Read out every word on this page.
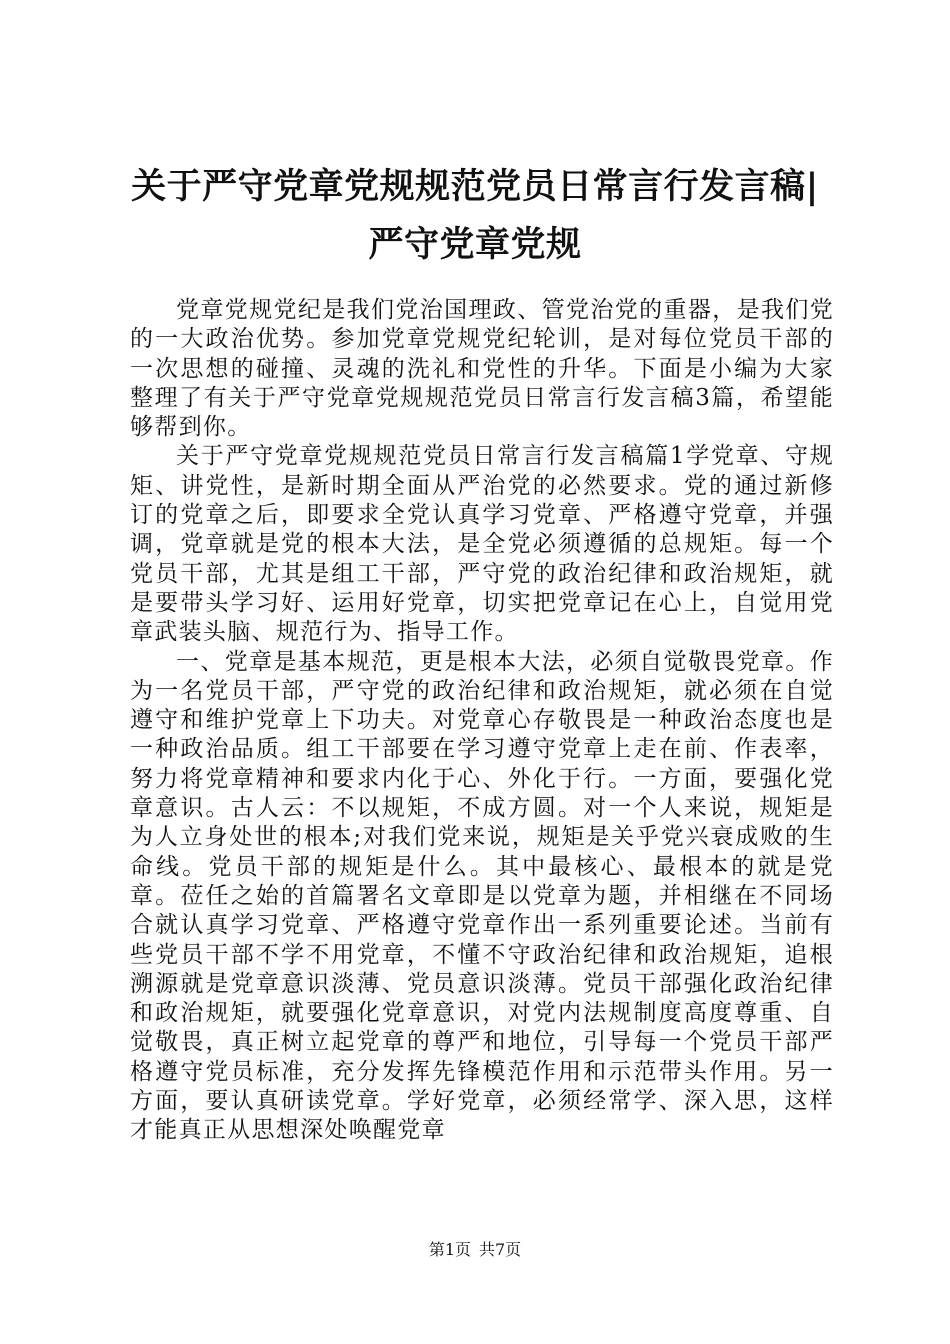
关于严守党章党规规范党员日常言行发言稿|
严守党章党规

党章党规党纪是我们党治国理政、管党治党的重器，是我们党的一大政治优势。参加党章党规党纪轮训，是对每位党员干部的一次思想的碰撞、灵魂的洗礼和党性的升华。下面是小编为大家整理了有关于严守党章党规规范党员日常言行发言稿3篇，希望能够帮到你。

关于严守党章党规规范党员日常言行发言稿篇1学党章、守规矩、讲党性，是新时期全面从严治党的必然要求。党的通过新修订的党章之后，即要求全党认真学习党章、严格遵守党章，并强调，党章就是党的根本大法，是全党必须遵循的总规矩。每一个党员干部，尤其是组工干部，严守党的政治纪律和政治规矩，就是要带头学习好、运用好党章，切实把党章记在心上，自觉用党章武装头脑、规范行为、指导工作。

一、党章是基本规范，更是根本大法，必须自觉敬畏党章。作为一名党员干部，严守党的政治纪律和政治规矩，就必须在自觉遵守和维护党章上下功夫。对党章心存敬畏是一种政治态度也是一种政治品质。组工干部要在学习遵守党章上走在前、作表率，努力将党章精神和要求内化于心、外化于行。一方面，要强化党章意识。古人云：不以规矩，不成方圆。对一个人来说，规矩是为人立身处世的根本;对我们党来说，规矩是关乎党兴衰成败的生命线。党员干部的规矩是什么。其中最核心、最根本的就是党章。莅任之始的首篇署名文章即是以党章为题，并相继在不同场合就认真学习党章、严格遵守党章作出一系列重要论述。当前有些党员干部不学不用党章，不懂不守政治纪律和政治规矩，追根溯源就是党章意识淡薄、党员意识淡薄。党员干部强化政治纪律和政治规矩，就要强化党章意识，对党内法规制度高度尊重、自觉敬畏，真正树立起党章的尊严和地位，引导每一个党员干部严格遵守党员标准，充分发挥先锋模范作用和示范带头作用。另一方面，要认真研读党章。学好党章，必须经常学、深入思，这样才能真正从思想深处唤醒党章

第1页 共7页
